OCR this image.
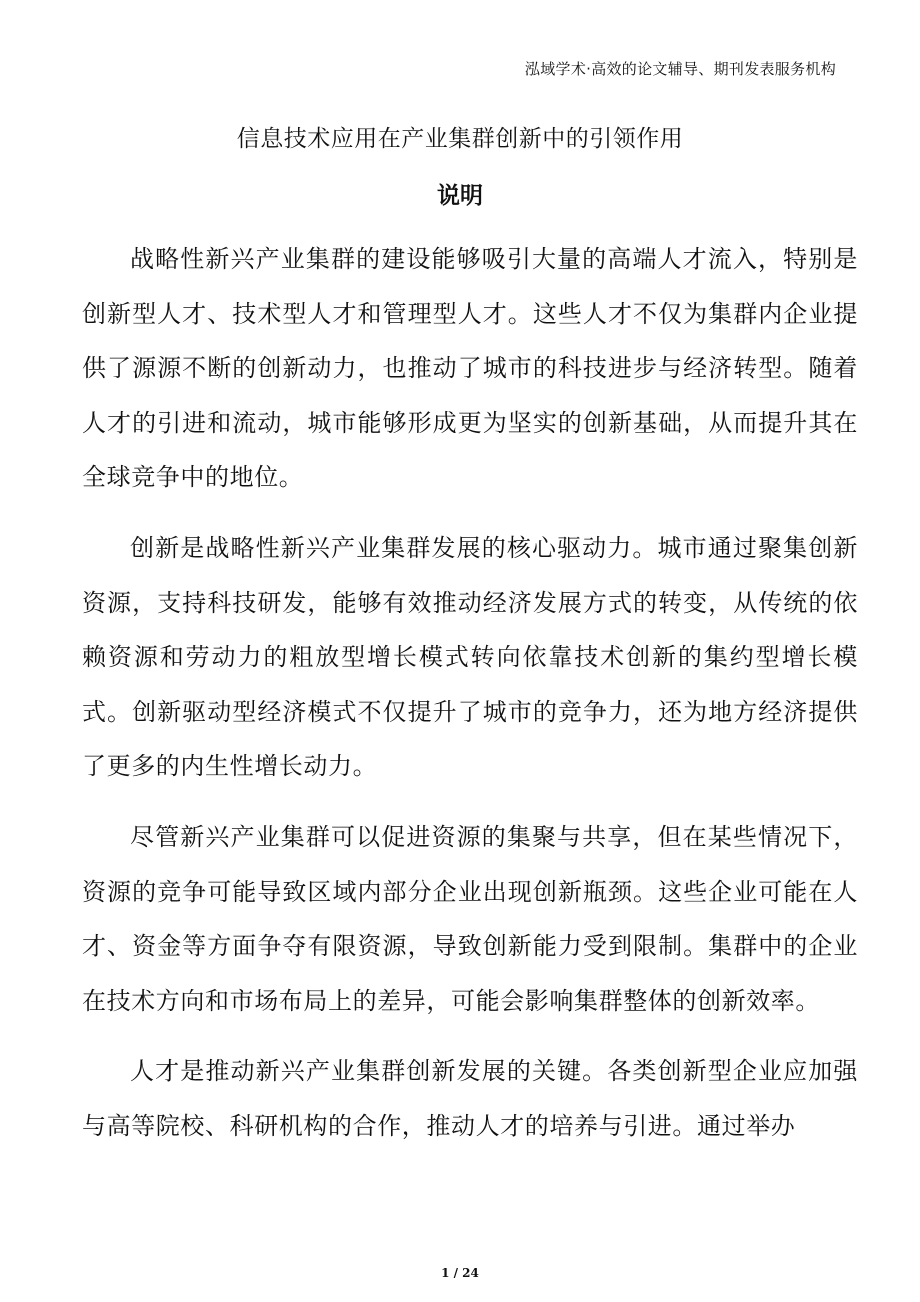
泓域学术·高效的论文辅导、期刊发表服务机构
信息技术应用在产业集群创新中的引领作用
说明

战略性新兴产业集群的建设能够吸引大量的高端人才流入，特别是创新型人才、技术型人才和管理型人才。这些人才不仅为集群内企业提供了源源不断的创新动力，也推动了城市的科技进步与经济转型。随着人才的引进和流动，城市能够形成更为坚实的创新基础，从而提升其在全球竞争中的地位。

创新是战略性新兴产业集群发展的核心驱动力。城市通过聚集创新资源，支持科技研发，能够有效推动经济发展方式的转变，从传统的依赖资源和劳动力的粗放型增长模式转向依靠技术创新的集约型增长模式。创新驱动型经济模式不仅提升了城市的竞争力，还为地方经济提供了更多的内生性增长动力。

尽管新兴产业集群可以促进资源的集聚与共享，但在某些情况下，资源的竞争可能导致区域内部分企业出现创新瓶颈。这些企业可能在人才、资金等方面争夺有限资源，导致创新能力受到限制。集群中的企业在技术方向和市场布局上的差异，可能会影响集群整体的创新效率。

人才是推动新兴产业集群创新发展的关键。各类创新型企业应加强与高等院校、科研机构的合作，推动人才的培养与引进。通过举办

1 / 24
